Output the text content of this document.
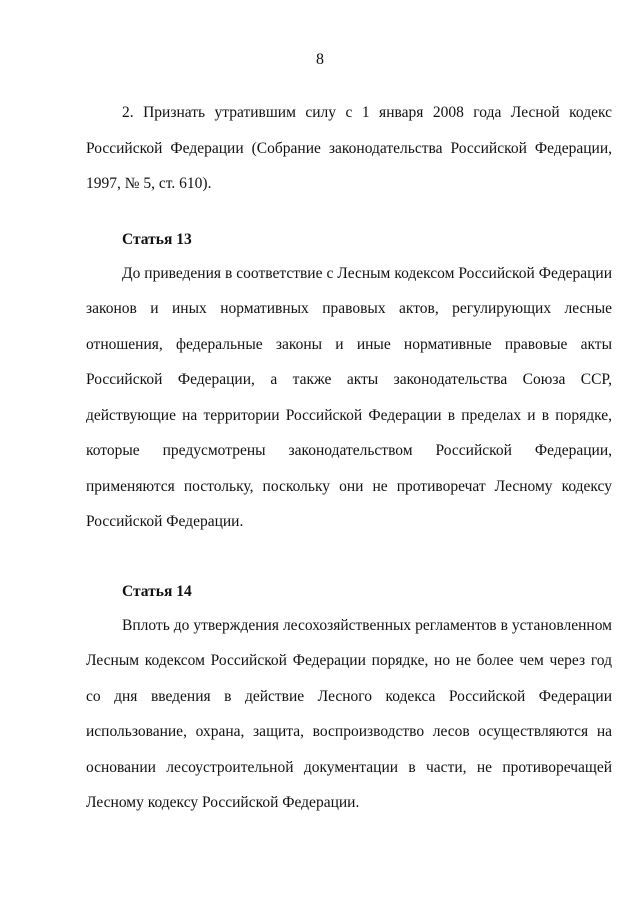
8

2. Признать утратившим силу с 1 января 2008 года Лесной кодекс Российской Федерации (Собрание законодательства Российской Федерации, 1997, № 5, ст. 610).

Статья 13

До приведения в соответствие с Лесным кодексом Российской Федерации законов и иных нормативных правовых актов, регулирующих лесные отношения, федеральные законы и иные нормативные правовые акты Российской Федерации, а также акты законодательства Союза ССР, действующие на территории Российской Федерации в пределах и в порядке, которые предусмотрены законодательством Российской Федерации, применяются постольку, поскольку они не противоречат Лесному кодексу Российской Федерации.

Статья 14

Вплоть до утверждения лесохозяйственных регламентов в установленном Лесным кодексом Российской Федерации порядке, но не более чем через год со дня введения в действие Лесного кодекса Российской Федерации использование, охрана, защита, воспроизводство лесов осуществляются на основании лесоустроительной документации в части, не противоречащей Лесному кодексу Российской Федерации.
